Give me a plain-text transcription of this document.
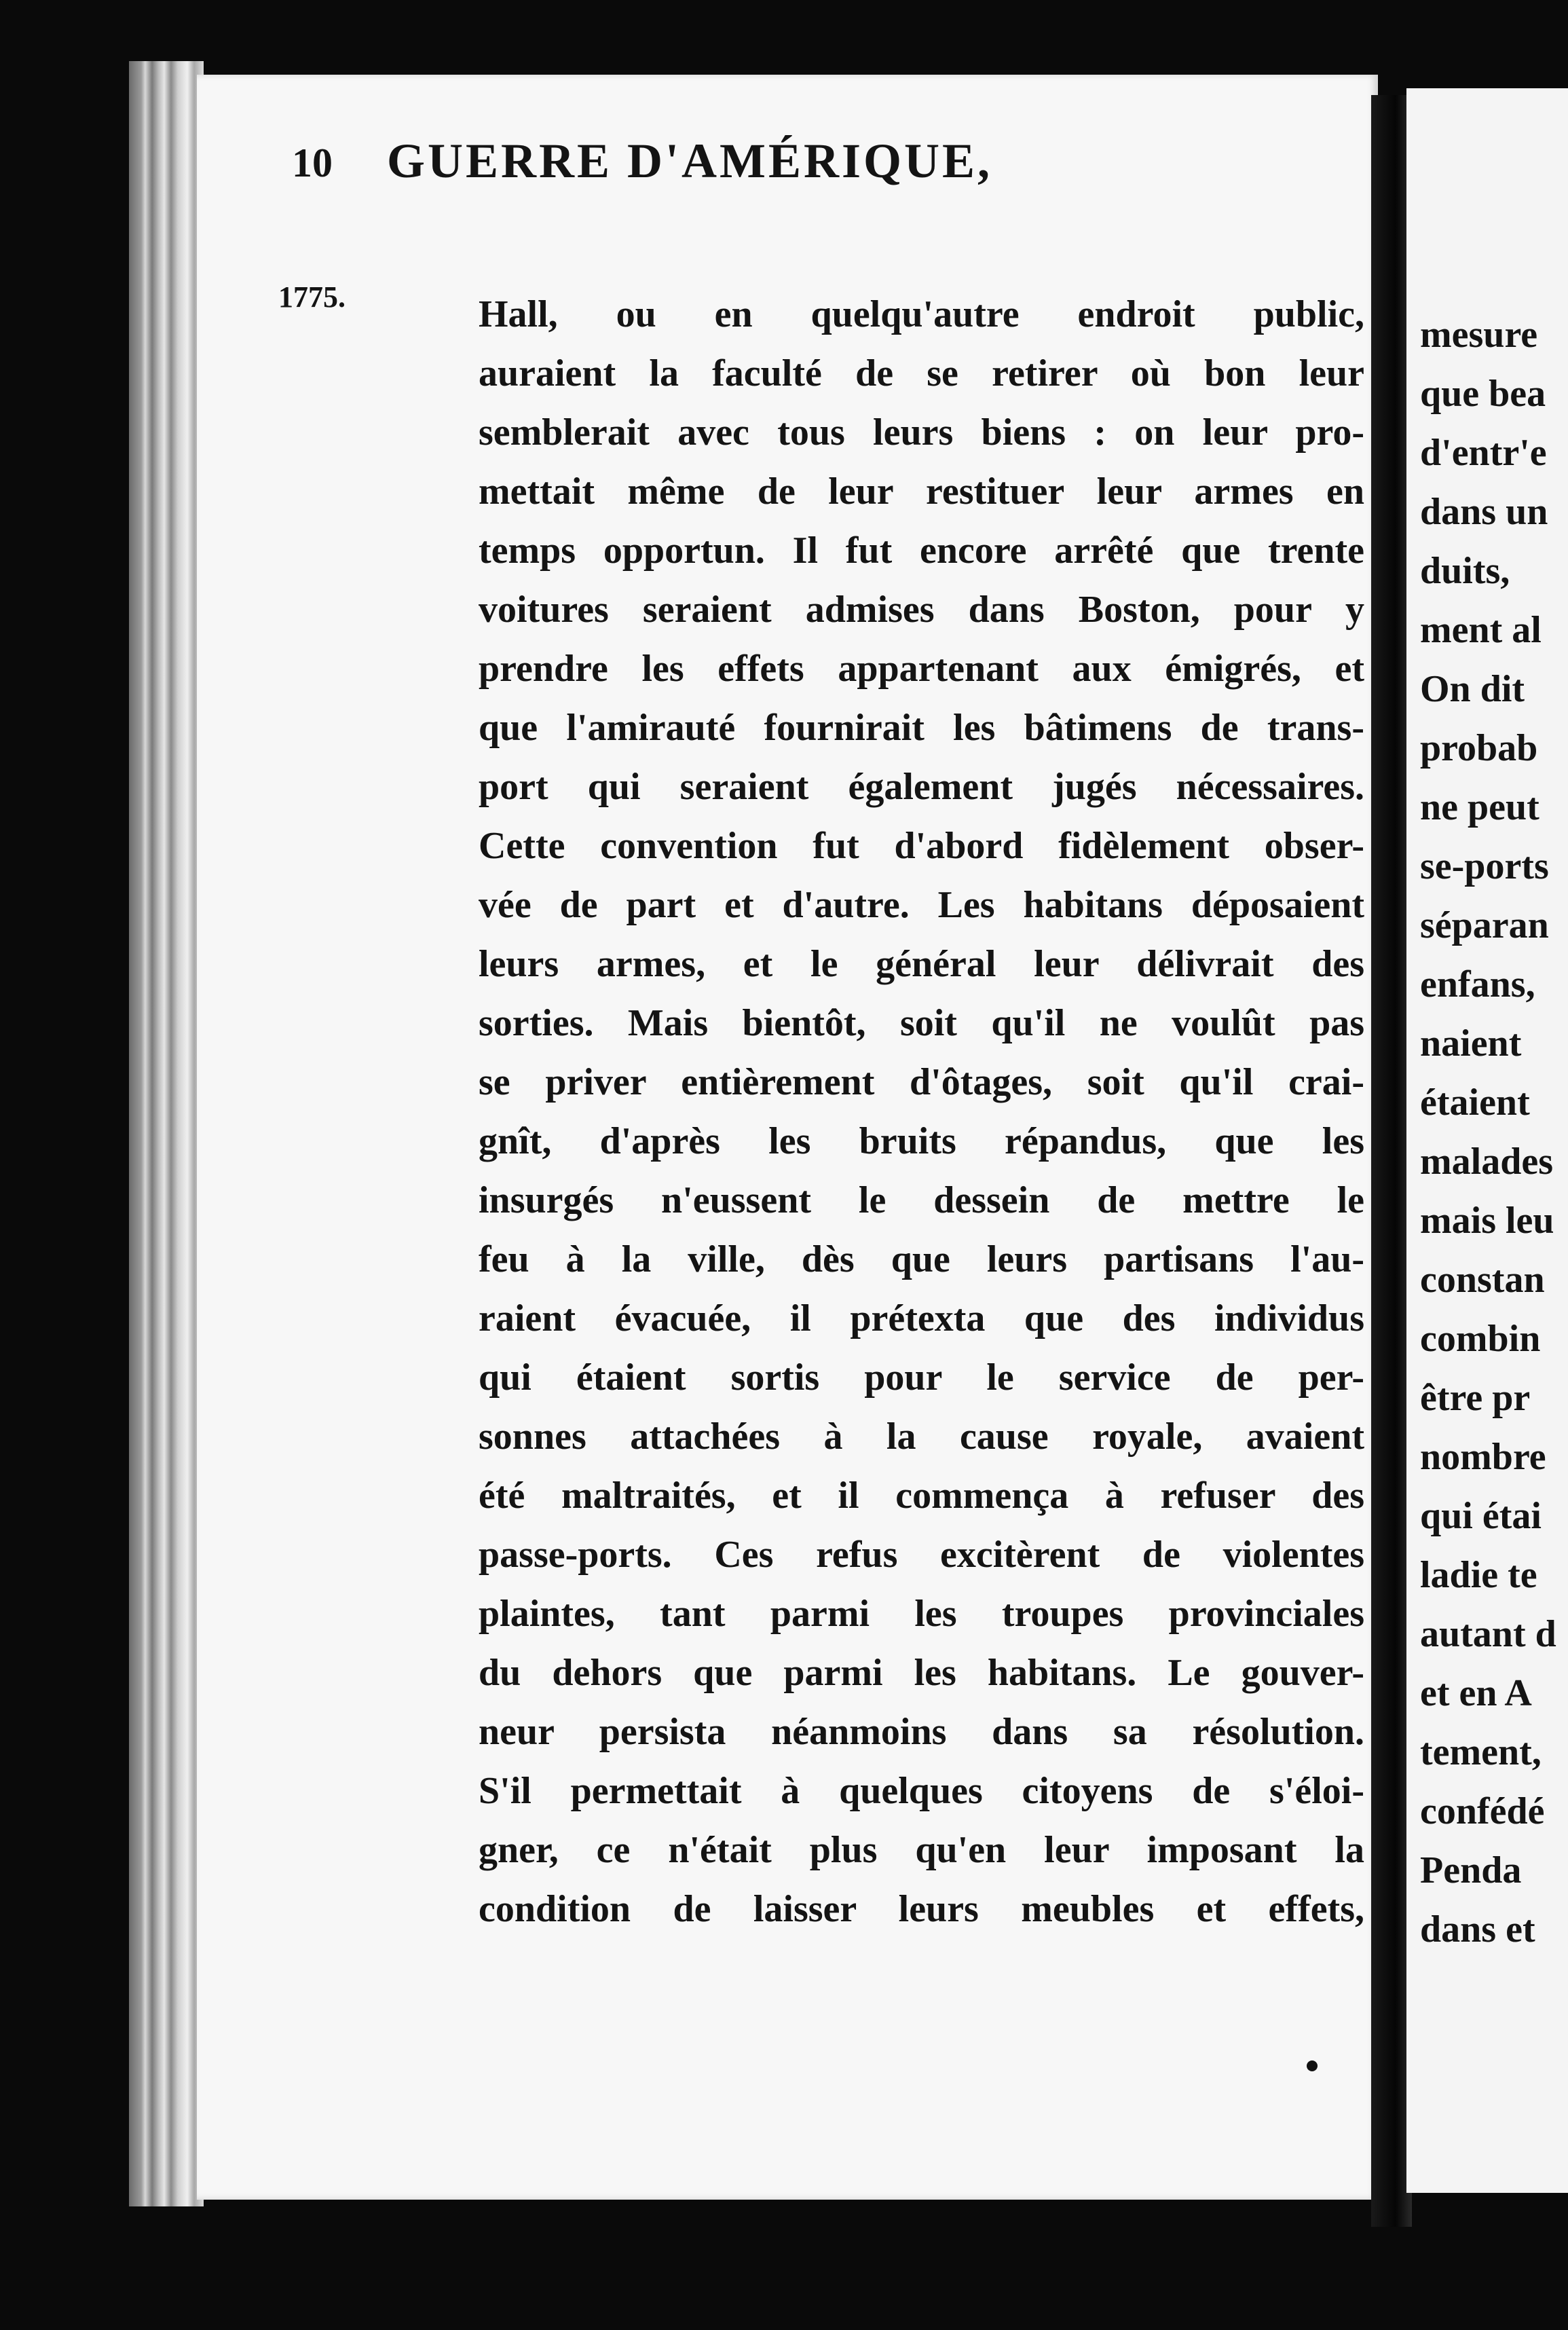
10 GUERRE D'AMÉRIQUE,
1775.	Hall, ou en quelqu'autre endroit public,
auraient la faculté de se retirer où bon leur
semblerait avec tous leurs biens : on leur pro-
mettait même de leur restituer leur armes en
temps opportun. Il fut encore arrêté que trente
voitures seraient admises dans Boston, pour y
prendre les effets appartenant aux émigrés, et
que l'amirauté fournirait les bâtimens de trans-
port qui seraient également jugés nécessaires.
Cette convention fut d'abord fidèlement obser-
vée de part et d'autre. Les habitans déposaient
leurs armes, et le général leur délivrait des
sorties. Mais bientôt, soit qu'il ne voulût pas
se priver entièrement d'ôtages, soit qu'il crai-
gnît, d'après les bruits répandus, que les
insurgés n'eussent le dessein de mettre le
feu à la ville, dès que leurs partisans l'au-
raient évacuée, il prétexta que des individus
qui étaient sortis pour le service de per-
sonnes attachées à la cause royale, avaient
été maltraités, et il commença à refuser des
passe-ports. Ces refus excitèrent de violentes
plaintes, tant parmi les troupes provinciales
du dehors que parmi les habitans. Le gouver-
neur persista néanmoins dans sa résolution.
S'il permettait à quelques citoyens de s'éloi-
gner, ce n'était plus qu'en leur imposant la
condition de laisser leurs meubles et effets,
mesure
que bea
d'entr'e
dans un
duits,
ment al
On dit
probab
ne peut
se-ports
séparan
enfans,
naient
étaient
malades
mais leu
constan
combin
être pr
nombre
qui étai
ladie te
autant d
et en A
tement,
confédé
Penda
dans et
